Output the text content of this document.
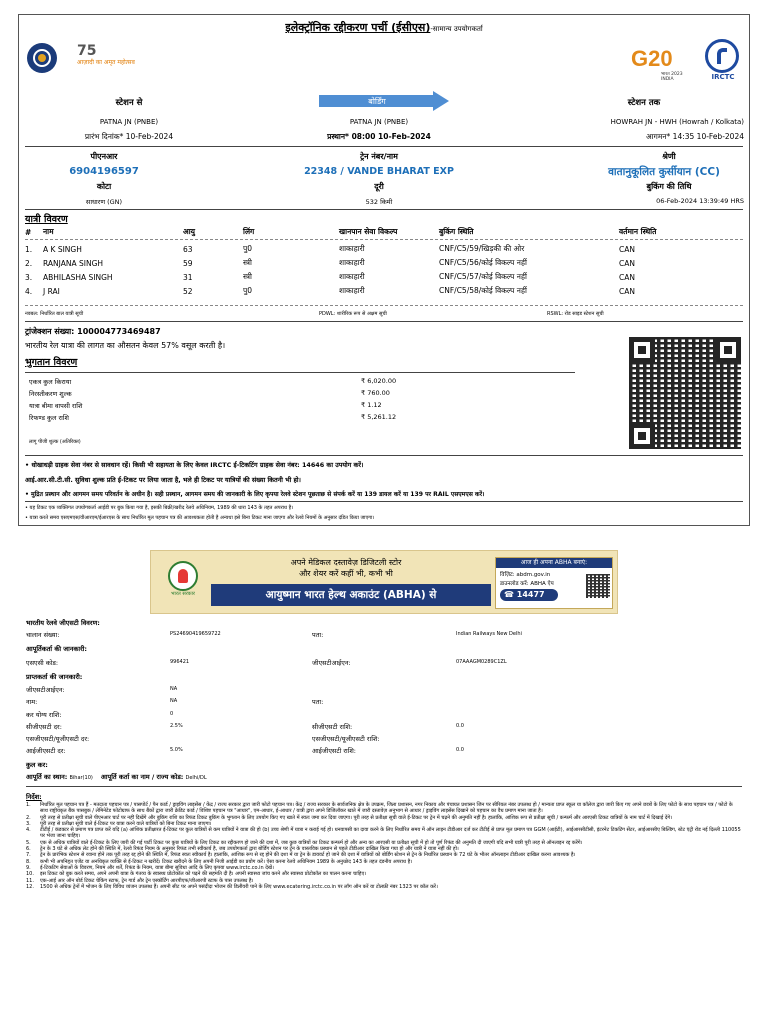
इलेक्ट्रॉनिक रद्दीकरण पर्ची (ईसीएस)-सामान्य उपयोगकर्ता
75
आज़ादी का अमृत महोत्सव	G20
भारत 2023 INDIA	IRCTC
स्टेशन से	बोर्डिंग	स्टेशन तक
PATNA JN (PNBE)	PATNA JN (PNBE)	HOWRAH JN - HWH (Howrah / Kolkata)
प्रारंभ दिनांक* 10-Feb-2024	प्रस्थान* 08:00 10-Feb-2024	आगमन* 14:35 10-Feb-2024
पीएनआर	ट्रेन नंबर/नाम	श्रेणी
6904196597	22348 / VANDE BHARAT EXP	वातानुकूलित कुर्सीयान (CC)
कोटा	दूरी	बुकिंग की तिथि
साधारण (GN)	532 किमी	06-Feb-2024 13:39:49 HRS
यात्री विवरण
#	नाम	आयु	लिंग	खानपान सेवा विकल्प	बुकिंग स्थिति	वर्तमान स्थिति
1.	A K SINGH	63	पु0	शाकाहारी	CNF/C5/59/खिड़की की ओर	CAN
2.	RANJANA SINGH	59	स्त्री	शाकाहारी	CNF/C5/56/कोई विकल्प नहीं	CAN
3.	ABHILASHA SINGH	31	स्त्री	शाकाहारी	CNF/C5/57/कोई विकल्प नहीं	CAN
4.	J RAI	52	पु0	शाकाहारी	CNF/C5/58/कोई विकल्प नहीं	CAN
नवबल: निर्धारित बाल यात्री सूची	PDWL: शारीरिक रूप से अक्षम सूची	RSWL: रोड साइड स्टेशन सूची
ट्रांजेक्शन संख्या: 100004773469487
भारतीय रेल यात्रा की लागत का औसतन केवल 57% वसूल करती है।
भुगतान विवरण
एकत्र कुल किराया	₹ 6,020.00
निरस्तीकरण शुल्क	₹ 760.00
यात्रा बीमा वापसी राशि	₹ 1.12
रिफण्ड कुल राशि	₹ 5,261.12
लागू पीजी शुल्क (अतिरिक्त)
• धोखाधड़ी ग्राहक सेवा नंबर से सावधान रहें। किसी भी सहायता के लिए केवल IRCTC ई-टिकटिंग ग्राहक सेवा नंबर: 14646 का उपयोग करें।
आई.आर.सी.टी.सी. सुविधा शुल्क प्रति ई-टिकट पर लिया जाता है, भले ही टिकट पर यात्रियों की संख्या कितनी भी हो।
• मुद्रित प्रस्थान और आगमन समय परिवर्तन के अधीन है। सही प्रस्थान, आगमन समय की जानकारी के लिए कृपया रेलवे स्टेशन पूछताछ से संपर्क करें या 139 डायल करें या 139 पर RAIL एसएमएस करें।
• यह टिकट एक व्यक्तिगत उपयोगकर्ता आईडी पर बुक किया गया है, इसकी बिक्री/खरीद रेलवे अधिनियम, 1989 की धारा 143 के तहत अपराध है।
• यात्रा करते समय एसएमएस/वीआरएम/ईआरएस के साथ निर्धारित मूल पहचान पत्र की आवश्यकता होती है अन्यथा इसे बिना टिकट माना जाएगा और रेलवे नियमों के अनुसार दंडित किया जाएगा।
भारत सरकार
अपने मेडिकल दस्तावेज़ डिजिटली स्टोर
और शेयर करें कहीं भी, कभी भी
आयुष्मान भारत हेल्थ अकाउंट (ABHA) से
आज ही अपना ABHA बनाएं:
विज़िट: abdm.gov.in
डाउनलोड करें: ABHA ऐप
☎ 14477
भारतीय रेलवे जीएसटी विवरण:
चालान संख्या:	PS24690419659722	पता:	Indian Railways New Delhi
आपूर्तिकर्ता की जानकारी:
एसएसी कोड:	996421	जीएसटीआईएन:	07AAAGM0289C1ZL
प्राप्तकर्ता की जानकारी:
जीएसटीआईएन:	NA
नाम:	NA	पता:
कर योग्य राशि:	0
सीजीएसटी दर:	2.5%	सीजीएसटी राशि:	0.0
एसजीएसटी/यूजीएसटी दर:	एसजीएसटी/यूजीएसटी राशि:
आईजीएसटी दर:	5.0%	आईजीएसटी राशि:	0.0
कुल कर:
आपूर्ति का स्थान: Bihar(10) आपूर्ति कर्ता का नाम / राज्य कोड: Delhi/DL
निर्देश:
1.	निर्धारित मूल पहचान पत्र हैं - मतदाता पहचान पत्र / पासपोर्ट / पैन कार्ड / ड्राइविंग लाइसेंस / केंद्र / राज्य सरकार द्वारा जारी फोटो पहचान पत्र। केंद्र / राज्य सरकार के सार्वजनिक क्षेत्र के उपक्रम, जिला प्रशासन, नगर निकाय और पंचायत प्रशासन जिन पर सीरियल नंबर उपलब्ध हो / मान्यता प्राप्त स्कूल या कॉलेज द्वारा जारी किए गए अपने छात्रों के लिए फोटो के साथ पहचान पत्र / फोटो के साथ राष्ट्रीयकृत बैंक पासबुक / लेमिनेटेड फोटोग्राफ के साथ बैंकों द्वारा जारी क्रेडिट कार्ड / विशिष्ट पहचान पत्र "आधार", एम-आधार, ई-आधार / यात्री द्वारा अपने डिजिलॉकर खाते में जारी दस्तावेज़ अनुभाग से आधार / ड्राइविंग लाइसेंस दिखाने को पहचान का वैध प्रमाण माना जाता है।
2.	पूरी तरह से प्रतीक्षा सूची वाले पीएनआर चार्ट पर नहीं दिखेंगे और बुकिंग राशि का रिफंड टिकट बुकिंग के भुगतान के लिए उपयोग किए गए खाते में स्वतः जमा कर दिया जाएगा। पूरी तरह से प्रतीक्षा सूची वाले ई-टिकट पर ट्रेन में चढ़ने की अनुमति नहीं है। हालांकि, आंशिक रूप से प्रतीक्षा सूची / कन्फर्म और आरएसी टिकट यात्रियों के नाम चार्ट में दिखाई देंगे।
3.	पूरी तरह से प्रतीक्षा सूची वाले ई-टिकट पर यात्रा करने वाले यात्रियों को बिना टिकट माना जाएगा।
4.	टीटीई / कंडक्टर से प्रमाण पत्र प्राप्त करें यदि (a) आंशिक प्रतीक्षारत ई-टिकट पर कुल यात्रियों से कम यात्रियों ने यात्रा की हो (b) उच्च श्रेणी में यात्रा न कराई गई हो। धनवापसी का दावा करने के लिए निर्धारित समय में ऑन लाइन टीडीआर दर्ज कर टीटीई से प्राप्त मूल प्रमाण पत्र GGM (आईटी), आईआरसीटीसी, इंटरनेट टिकटिंग सेंटर, आईआरसीए बिल्डिंग, स्टेट एंट्री रोड नई दिल्ली 110055 पर भेजा जाना चाहिए।
5.	एक से अधिक यात्रियों वाले ई-टिकट के लिए जारी की गई पार्टी टिकट पर कुछ यात्रियों के लिए टिकट का रद्दीकरण हो जाने की दशा में, जब कुछ यात्रियों का टिकट कन्फर्म हो और अन्य का आरएसी या प्रतीक्षा सूची में हो तो पूर्ण रिफंड की अनुमति दी जाएगी यदि सभी यात्री पूरी तरह से ऑनलाइन रद्द करेंगे।
6.	ट्रेन के 3 घंटे से अधिक लेट होने की स्थिति में, रेलवे रिफंड नियम के अनुसार रिफंड तभी स्वीकार्य है, जब उपयोगकर्ता द्वारा बोर्डिंग स्टेशन पर ट्रेन के वास्तविक प्रस्थान से पहले टीडीआर दाखिल किया गया हो और यात्री ने यात्रा नहीं की हो।
7.	ट्रेन के प्रारंभिक स्टेशन से रवाना होने तक पूरी तरह रद्द होने की स्थिति में, रिफंड स्वतः स्वीकार्य है। हालांकि, आंशिक रूप से रद्द होने की दशा में या ट्रेन के डायवर्ट हो जाने की दशा में यात्रियों को बोर्डिंग स्टेशन से ट्रेन के निर्धारित प्रस्थान के 72 घंटे के भीतर ऑनलाइन टीडीआर दाखिल करना आवश्यक है।
8.	कभी भी अपनिहृत एजेंट या अनधिकृत व्यक्ति से ई-टिकट न खरीदें। टिकट खरीदने के लिए अपनी निजी आईडी का प्रयोग करें। ऐसा करना रेलवे अधिनियम 1989 के अनुच्छेद 143 के तहत दंडनीय अपराध है।
9.	ई-टिकटिंग सेवाओं के विवरण, नियम और शर्तें, रिफंड के नियम, यात्रा बीमा सुविधा आदि के लिए कृपया www.irctc.co.in देखें।
10.	इस टिकट को बुक करते समय, अपने अपनी यात्रा के गंतव्य के स्वास्थ्य प्रोटोकॉल को पढ़ने की सहमति दी है। अपनी स्वास्थ्य जांच करने और स्वास्थ्य प्रोटोकॉल का पालन करना चाहिए।
11.	एक-आई आर ऑन बोर्ड टिकट चेकिंग स्टाफ, ट्रेन गार्ड और ट्रेन एस्कॉर्टिंग आरपीएफ/जीआरपी स्टाफ के पास उपलब्ध है।
12.	1500 से अधिक ट्रेनों में भोजन के लिए विविध व्यंजन उपलब्ध हैं। अपनी सीट पर अपने पसंदीदा भोजन की डिलीवरी पाने के लिए www.ecatering.irctc.co.in पर लॉग ऑन करें या टोलफ्री नंबर 1323 पर कॉल करें।
